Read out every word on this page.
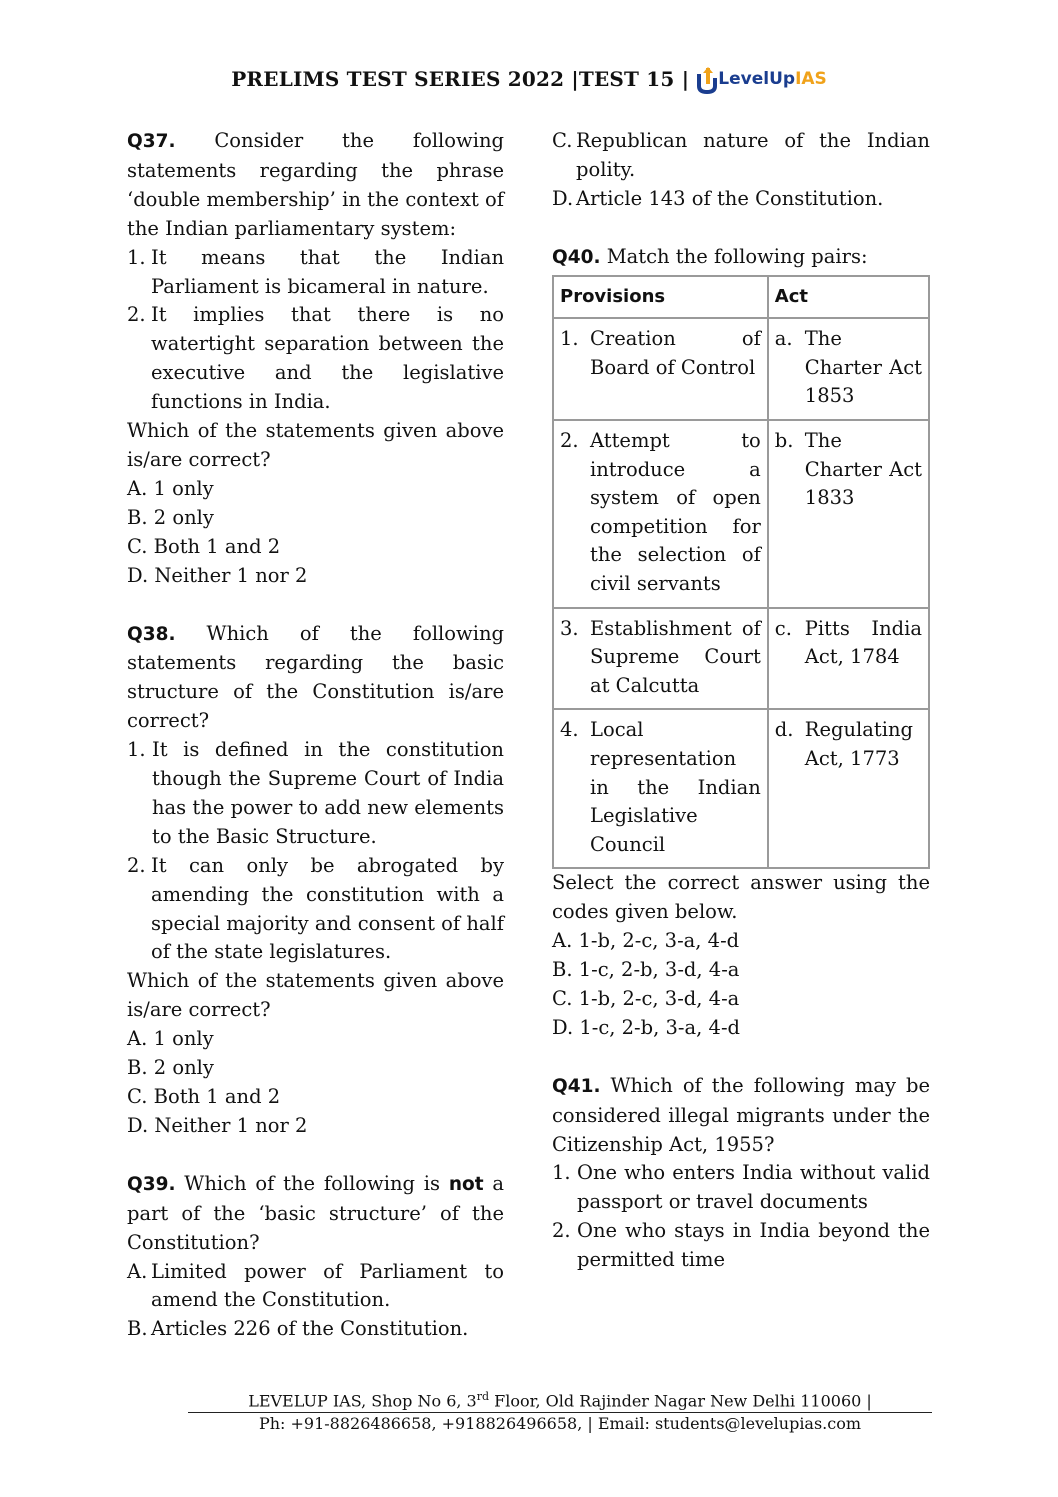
PRELIMS TEST SERIES 2022 |TEST 15 | LevelUpIAS

Q37. Consider the following statements regarding the phrase ‘double membership’ in the context of the Indian parliamentary system:

1. It means that the Indian Parliament is bicameral in nature.
2. It implies that there is no watertight separation between the executive and the legislative functions in India.

Which of the statements given above is/are correct?

A. 1 only

B. 2 only

C. Both 1 and 2

D. Neither 1 nor 2

Q38. Which of the following statements regarding the basic structure of the Constitution is/are correct?

1. It is defined in the constitution though the Supreme Court of India has the power to add new elements to the Basic Structure.
2. It can only be abrogated by amending the constitution with a special majority and consent of half of the state legislatures.

Which of the statements given above is/are correct?

A. 1 only

B. 2 only

C. Both 1 and 2

D. Neither 1 nor 2

Q39. Which of the following is not a part of the ‘basic structure’ of the Constitution?

A. Limited power of Parliament to amend the Constitution.
B. Articles 226 of the Constitution.
C. Republican nature of the Indian polity.
D. Article 143 of the Constitution.

Q40. Match the following pairs:

Provisions	Act

1. Creation of Board of Control	a. The Charter Act 1853

2. Attempt to introduce a system of open competition for the selection of civil servants	b. The Charter Act 1833

3. Establishment of Supreme Court at Calcutta	c. Pitts India Act, 1784

4. Local representation in the Indian Legislative Council	d. Regulating Act, 1773

Select the correct answer using the codes given below.

A. 1-b, 2-c, 3-a, 4-d

B. 1-c, 2-b, 3-d, 4-a

C. 1-b, 2-c, 3-d, 4-a

D. 1-c, 2-b, 3-a, 4-d

Q41. Which of the following may be considered illegal migrants under the Citizenship Act, 1955?

1. One who enters India without valid passport or travel documents
2. One who stays in India beyond the permitted time
LEVELUP IAS, Shop No 6, 3rd Floor, Old Rajinder Nagar New Delhi 110060 |
Ph: +91-8826486658, +918826496658, | Email: students@levelupias.com
